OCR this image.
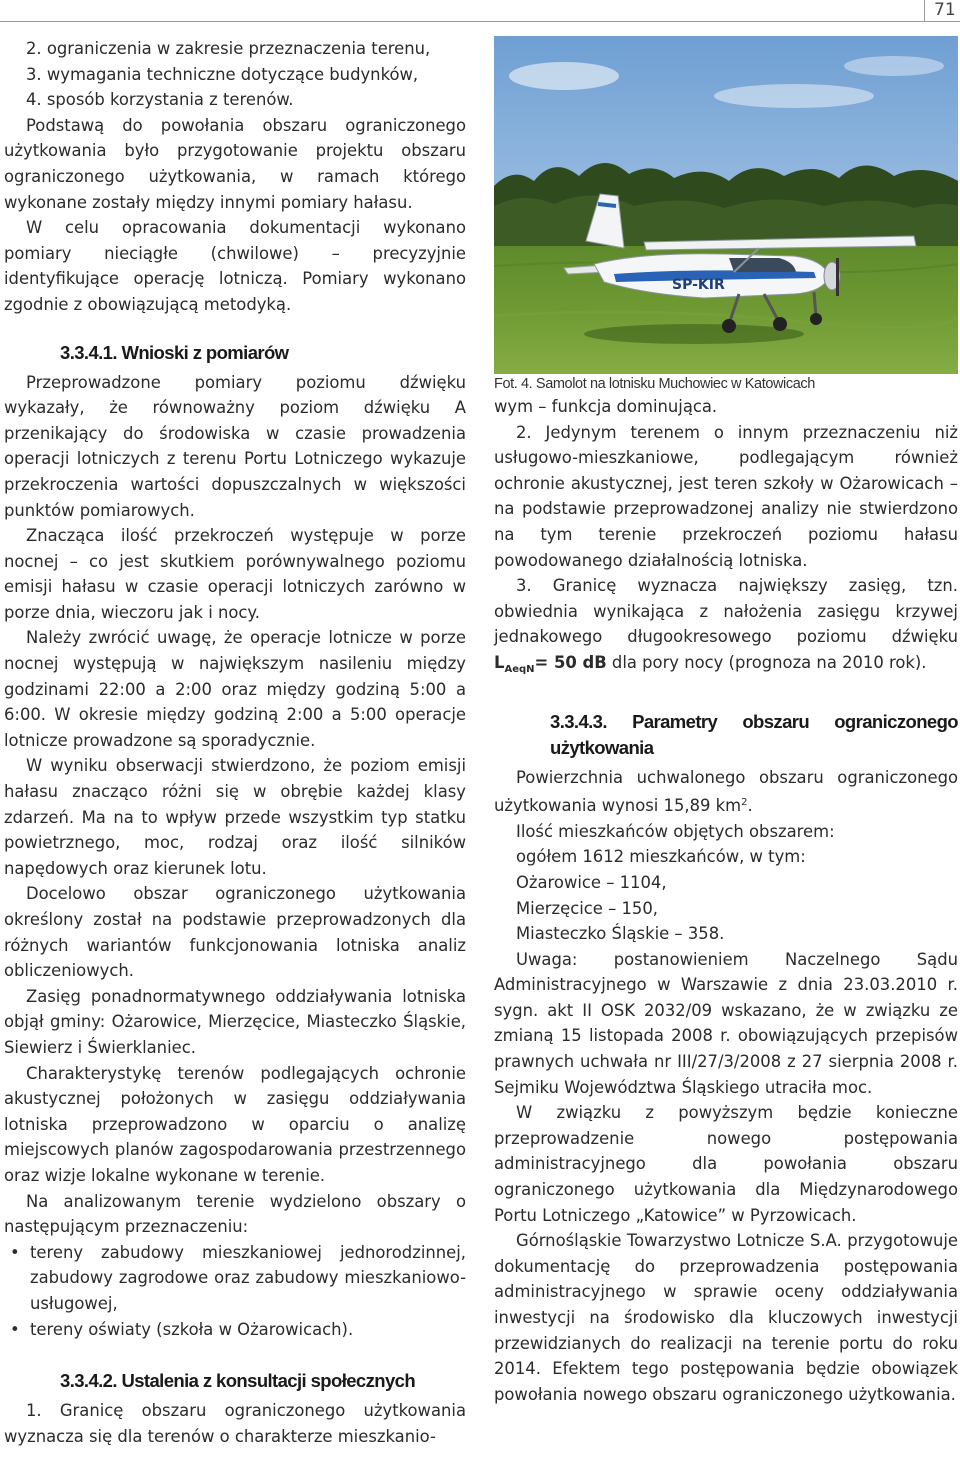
71

2. ograniczenia w zakresie przeznaczenia terenu,

3. wymagania techniczne dotyczące budynków,

4. sposób korzystania z terenów.

Podstawą do powołania obszaru ograniczonego użytkowania było przygotowanie projektu obszaru ograniczonego użytkowania, w ramach którego wykonane zostały między innymi pomiary hałasu.

W celu opracowania dokumentacji wykonano pomiary nieciągłe (chwilowe) – precyzyjnie identyfikujące operację lotniczą. Pomiary wykonano zgodnie z obowiązującą metodyką.

3.3.4.1. Wnioski z pomiarów

Przeprowadzone pomiary poziomu dźwięku wykazały, że równoważny poziom dźwięku A przenikający do środowiska w czasie prowadzenia operacji lotniczych z terenu Portu Lotniczego wykazuje przekroczenia wartości dopuszczalnych w większości punktów pomiarowych.

Znacząca ilość przekroczeń występuje w porze nocnej – co jest skutkiem porównywalnego poziomu emisji hałasu w czasie operacji lotniczych zarówno w porze dnia, wieczoru jak i nocy.

Należy zwrócić uwagę, że operacje lotnicze w porze nocnej występują w największym nasileniu między godzinami 22:00 a 2:00 oraz między godziną 5:00 a 6:00. W okresie między godziną 2:00 a 5:00 operacje lotnicze prowadzone są sporadycznie.

W wyniku obserwacji stwierdzono, że poziom emisji hałasu znacząco różni się w obrębie każdej klasy zdarzeń. Ma na to wpływ przede wszystkim typ statku powietrznego, moc, rodzaj oraz ilość silników napędowych oraz kierunek lotu.

Docelowo obszar ograniczonego użytkowania określony został na podstawie przeprowadzonych dla różnych wariantów funkcjonowania lotniska analiz obliczeniowych.

Zasięg ponadnormatywnego oddziaływania lotniska objął gminy: Ożarowice, Mierzęcice, Miasteczko Śląskie, Siewierz i Świerklaniec.

Charakterystykę terenów podlegających ochronie akustycznej położonych w zasięgu oddziaływania lotniska przeprowadzono w oparciu o analizę miejscowych planów zagospodarowania przestrzennego oraz wizje lokalne wykonane w terenie.

Na analizowanym terenie wydzielono obszary o następującym przeznaczeniu:

• tereny zabudowy mieszkaniowej jednorodzinnej, zabudowy zagrodowe oraz zabudowy mieszkaniowo-usługowej,
• tereny oświaty (szkoła w Ożarowicach).
3.3.4.2. Ustalenia z konsultacji społecznych

1. Granicę obszaru ograniczonego użytkowania wyznacza się dla terenów o charakterze mieszkanio-

SP-KIR

Fot. 4. Samolot na lotnisku Muchowiec w Katowicach

wym – funkcja dominująca.

2. Jedynym terenem o innym przeznaczeniu niż usługowo-mieszkaniowe, podlegającym również ochronie akustycznej, jest teren szkoły w Ożarowicach – na podstawie przeprowadzonej analizy nie stwierdzono na tym terenie przekroczeń poziomu hałasu powodowanego działalnością lotniska.

3. Granicę wyznacza największy zasięg, tzn. obwiednia wynikająca z nałożenia zasięgu krzywej jednakowego długookresowego poziomu dźwięku $L_{AeqN}= 50$ dB dla pory nocy (prognoza na 2010 rok).

3.3.4.3. Parametry obszaru ograniczonego użytkowania

Powierzchnia uchwalonego obszaru ograniczonego użytkowania wynosi 15,89 $km^2$.

Ilość mieszkańców objętych obszarem:

ogółem 1612 mieszkańców, w tym:

Ożarowice – 1104,

Mierzęcice – 150,

Miasteczko Śląskie – 358.

Uwaga: postanowieniem Naczelnego Sądu Administracyjnego w Warszawie z dnia 23.03.2010 r. sygn. akt II OSK 2032/09 wskazano, że w związku ze zmianą 15 listopada 2008 r. obowiązujących przepisów prawnych uchwała nr III/27/3/2008 z 27 sierpnia 2008 r. Sejmiku Województwa Śląskiego utraciła moc.

W związku z powyższym będzie konieczne przeprowadzenie nowego postępowania administracyjnego dla powołania obszaru ograniczonego użytkowania dla Międzynarodowego Portu Lotniczego „Katowice” w Pyrzowicach.

Górnośląskie Towarzystwo Lotnicze S.A. przygotowuje dokumentację do przeprowadzenia postępowania administracyjnego w sprawie oceny oddziaływania inwestycji na środowisko dla kluczowych inwestycji przewidzianych do realizacji na terenie portu do roku 2014. Efektem tego postępowania będzie obowiązek powołania nowego obszaru ograniczonego użytkowania.
